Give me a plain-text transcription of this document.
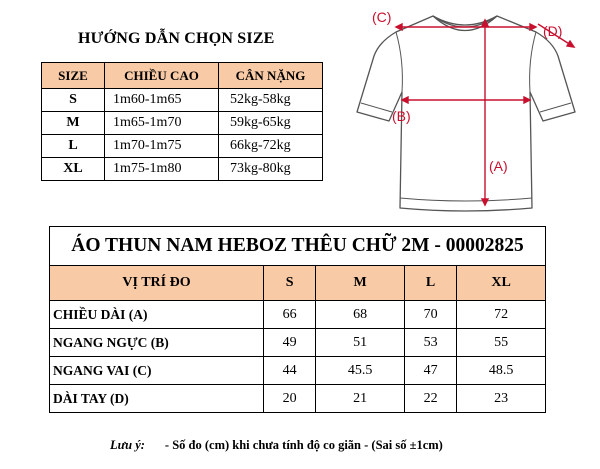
HƯỚNG DẪN CHỌN SIZE
SIZE	CHIỀU CAO	CÂN NẶNG
S	1m60-1m65	52kg-58kg
M	1m65-1m70	59kg-65kg
L	1m70-1m75	66kg-72kg
XL	1m75-1m80	73kg-80kg
(C)
(D)
(B)
(A)
ÁO THUN NAM HEBOZ THÊU CHỮ 2M - 00002825				
VỊ TRÍ ĐO	S	M	L	XL
CHIỀU DÀI (A)	66	68	70	72
NGANG NGỰC (B)	49	51	53	55
NGANG VAI (C)	44	45.5	47	48.5
DÀI TAY (D)	20	21	22	23
Lưu ý: - Số đo (cm) khi chưa tính độ co giãn - (Sai số ±1cm)
